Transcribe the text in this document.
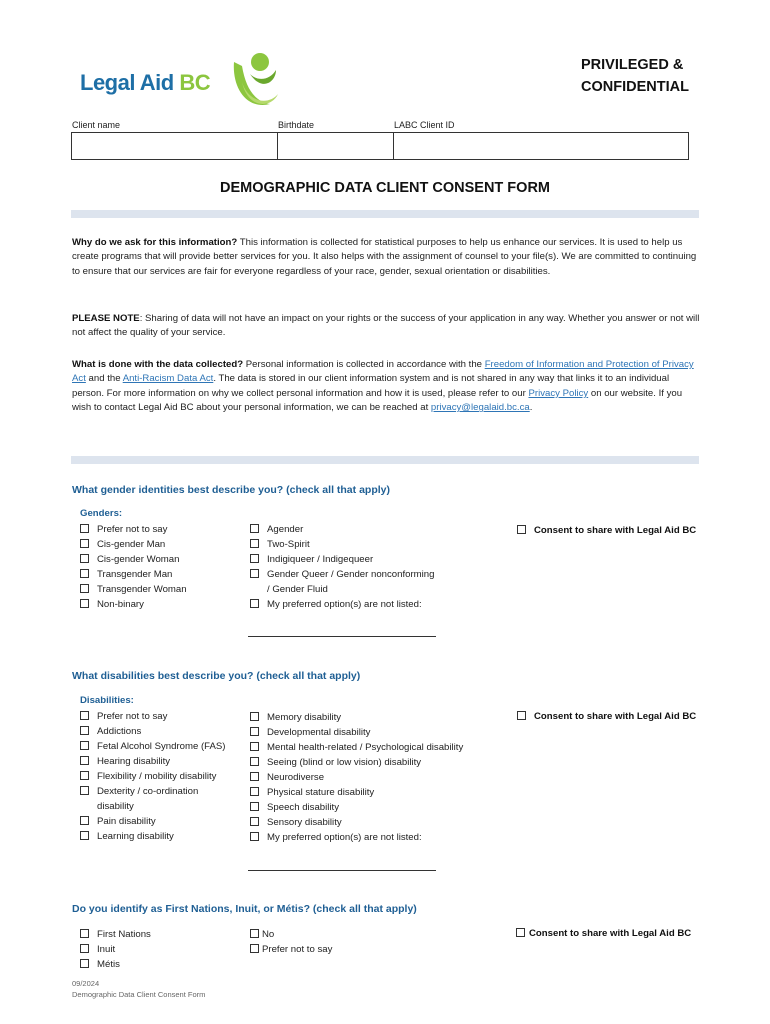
Legal Aid BC
PRIVILEGED &
CONFIDENTIAL
Client name	Birthdate	LABC Client ID
DEMOGRAPHIC DATA CLIENT CONSENT FORM
Why do we ask for this information? This information is collected for statistical purposes to help us enhance our services. It is used to help us create programs that will provide better services for you. It also helps with the assignment of counsel to your file(s). We are committed to continuing to ensure that our services are fair for everyone regardless of your race, gender, sexual orientation or disabilities.
PLEASE NOTE: Sharing of data will not have an impact on your rights or the success of your application in any way. Whether you answer or not will not affect the quality of your service.
What is done with the data collected? Personal information is collected in accordance with the Freedom of Information and Protection of Privacy Act and the Anti-Racism Data Act. The data is stored in our client information system and is not shared in any way that links it to an individual person. For more information on why we collect personal information and how it is used, please refer to our Privacy Policy on our website. If you wish to contact Legal Aid BC about your personal information, we can be reached at privacy@legalaid.bc.ca.
What gender identities best describe you? (check all that apply)
Genders:
Prefer not to say
Cis-gender Man
Cis-gender Woman
Transgender Man
Transgender Woman
Non-binary
Agender
Two-Spirit
Indigiqueer / Indigequeer
Gender Queer / Gender nonconforming
/ Gender Fluid
My preferred option(s) are not listed:
Consent to share with Legal Aid BC
What disabilities best describe you? (check all that apply)
Disabilities:
Prefer not to say
Addictions
Fetal Alcohol Syndrome (FAS)
Hearing disability
Flexibility / mobility disability
Dexterity / co-ordination
disability
Pain disability
Learning disability
Memory disability
Developmental disability
Mental health-related / Psychological disability
Seeing (blind or low vision) disability
Neurodiverse
Physical stature disability
Speech disability
Sensory disability
My preferred option(s) are not listed:
Consent to share with Legal Aid BC
Do you identify as First Nations, Inuit, or Métis? (check all that apply)
First Nations
Inuit
Métis
No
Prefer not to say
Consent to share with Legal Aid BC
09/2024
Demographic Data Client Consent Form
